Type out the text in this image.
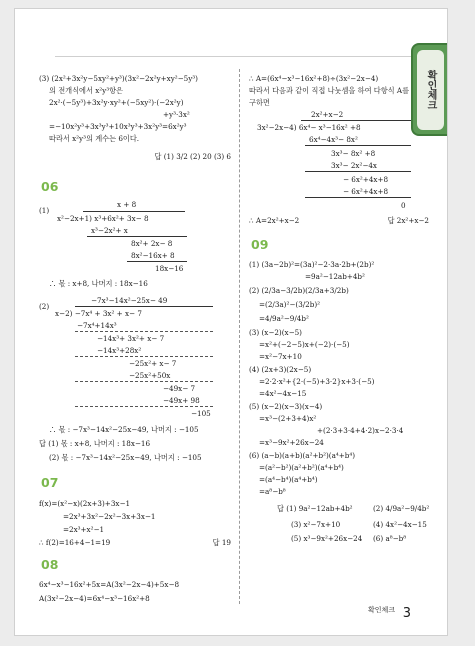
확인체크
(3) (2x²+3x²y−5xy²+y³)(3x²−2x²y+xy²−5y³)
의 전개식에서 x²y³항은
2x²·(−5y³)+3x²y·xy²+(−5xy²)·(−2x²y)
+y³·3x²
=−10x²y³+3x³y³+10x³y³+3x²y³=6x²y³
따라서 x²y³의 계수는 6이다.
답 (1) 3/2 (2) 20 (3) 6
06
(1)
x + 8
x²−2x+1) x³+6x²+ 3x− 8
x³−2x²+ x
8x²+ 2x− 8
8x²−16x+ 8
18x−16
∴ 몫 : x+8, 나머지 : 18x−16
(2)
−7x³−14x²−25x− 49
x−2) −7x⁴ + 3x² + x− 7
−7x⁴+14x³
−14x³+ 3x²+ x− 7
−14x³+28x²
−25x²+ x− 7
−25x²+50x
−49x− 7
−49x+ 98
−105
∴ 몫 : −7x³−14x²−25x−49, 나머지 : −105
답 (1) 몫 : x+8, 나머지 : 18x−16
(2) 몫 : −7x³−14x²−25x−49, 나머지 : −105
07
f(x)=(x²−x)(2x+3)+3x−1
=2x³+3x²−2x²−3x+3x−1
=2x³+x²−1
∴ f(2)=16+4−1=19	답 19
08
6x⁴−x³−16x²+5x=A(3x²−2x−4)+5x−8
A(3x²−2x−4)=6x⁴−x³−16x²+8
∴ A=(6x⁴−x³−16x²+8)÷(3x²−2x−4)
따라서 다음과 같이 직접 나눗셈을 하여 다항식 A를
구하면
2x²+x−2
3x²−2x−4) 6x⁴− x³−16x² +8
6x⁴−4x³− 8x²
3x³− 8x² +8
3x³− 2x²−4x
− 6x²+4x+8
− 6x²+4x+8
0
∴ A=2x²+x−2	답 2x²+x−2
09
(1) (3a−2b)²=(3a)²−2·3a·2b+(2b)²
=9a²−12ab+4b²
(2) (2/3a−3/2b)(2/3a+3/2b)
=(2/3a)²−(3/2b)²
=4/9a²−9/4b²
(3) (x−2)(x−5)
=x²+(−2−5)x+(−2)·(−5)
=x²−7x+10
(4) (2x+3)(2x−5)
=2·2·x²+{2·(−5)+3·2}x+3·(−5)
=4x²−4x−15
(5) (x−2)(x−3)(x−4)
=x³−(2+3+4)x²
+(2·3+3·4+4·2)x−2·3·4
=x³−9x²+26x−24
(6) (a−b)(a+b)(a²+b²)(a⁴+b⁴)
=(a²−b²)(a²+b²)(a⁴+b⁴)
=(a⁴−b⁴)(a⁴+b⁴)
=a⁸−b⁸
답 (1) 9a²−12ab+4b²	(2) 4/9a²−9/4b²
(3) x²−7x+10	(4) 4x²−4x−15
(5) x³−9x²+26x−24 (6) a⁸−b⁸
확인체크 3
